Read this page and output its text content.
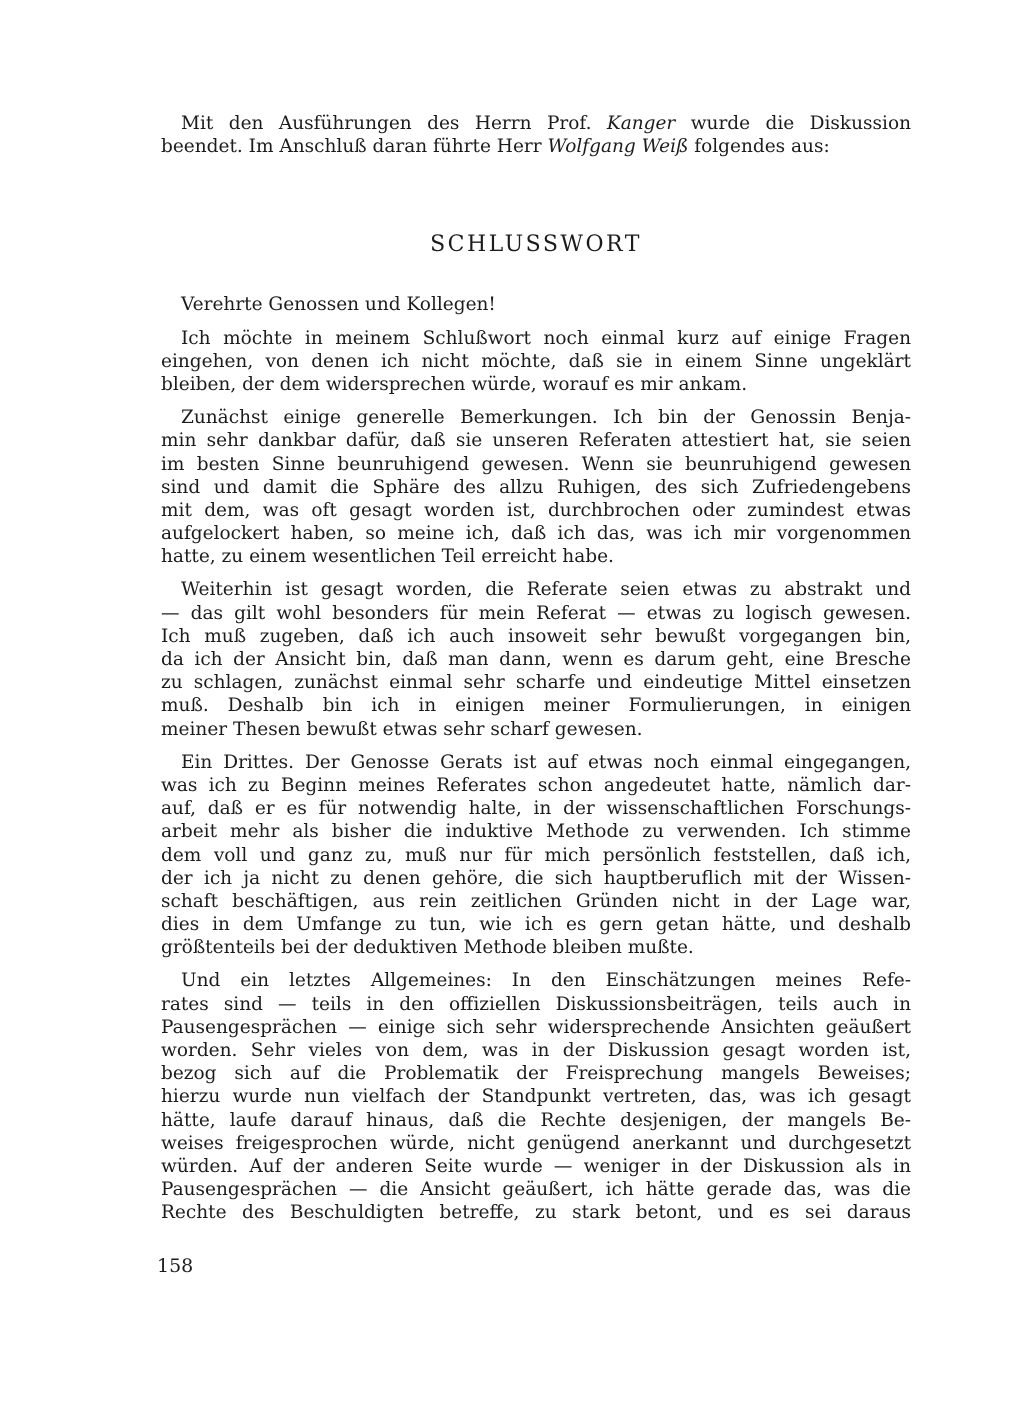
Mit den Ausführungen des Herrn Prof. Kanger wurde die Diskussion
beendet. Im Anschluß daran führte Herr Wolfgang Weiß folgendes aus:
SCHLUSSWORT
Verehrte Genossen und Kollegen!
Ich möchte in meinem Schlußwort noch einmal kurz auf einige Fragen
eingehen, von denen ich nicht möchte, daß sie in einem Sinne ungeklärt
bleiben, der dem widersprechen würde, worauf es mir ankam.
Zunächst einige generelle Bemerkungen. Ich bin der Genossin Benja-
min sehr dankbar dafür, daß sie unseren Referaten attestiert hat, sie seien
im besten Sinne beunruhigend gewesen. Wenn sie beunruhigend gewesen
sind und damit die Sphäre des allzu Ruhigen, des sich Zufriedengebens
mit dem, was oft gesagt worden ist, durchbrochen oder zumindest etwas
aufgelockert haben, so meine ich, daß ich das, was ich mir vorgenommen
hatte, zu einem wesentlichen Teil erreicht habe.
Weiterhin ist gesagt worden, die Referate seien etwas zu abstrakt und
— das gilt wohl besonders für mein Referat — etwas zu logisch gewesen.
Ich muß zugeben, daß ich auch insoweit sehr bewußt vorgegangen bin,
da ich der Ansicht bin, daß man dann, wenn es darum geht, eine Bresche
zu schlagen, zunächst einmal sehr scharfe und eindeutige Mittel einsetzen
muß. Deshalb bin ich in einigen meiner Formulierungen, in einigen
meiner Thesen bewußt etwas sehr scharf gewesen.
Ein Drittes. Der Genosse Gerats ist auf etwas noch einmal eingegangen,
was ich zu Beginn meines Referates schon angedeutet hatte, nämlich dar-
auf, daß er es für notwendig halte, in der wissenschaftlichen Forschungs-
arbeit mehr als bisher die induktive Methode zu verwenden. Ich stimme
dem voll und ganz zu, muß nur für mich persönlich feststellen, daß ich,
der ich ja nicht zu denen gehöre, die sich hauptberuflich mit der Wissen-
schaft beschäftigen, aus rein zeitlichen Gründen nicht in der Lage war,
dies in dem Umfange zu tun, wie ich es gern getan hätte, und deshalb
größtenteils bei der deduktiven Methode bleiben mußte.
Und ein letztes Allgemeines: In den Einschätzungen meines Refe-
rates sind — teils in den offiziellen Diskussionsbeiträgen, teils auch in
Pausengesprächen — einige sich sehr widersprechende Ansichten geäußert
worden. Sehr vieles von dem, was in der Diskussion gesagt worden ist,
bezog sich auf die Problematik der Freisprechung mangels Beweises;
hierzu wurde nun vielfach der Standpunkt vertreten, das, was ich gesagt
hätte, laufe darauf hinaus, daß die Rechte desjenigen, der mangels Be-
weises freigesprochen würde, nicht genügend anerkannt und durchgesetzt
würden. Auf der anderen Seite wurde — weniger in der Diskussion als in
Pausengesprächen — die Ansicht geäußert, ich hätte gerade das, was die
Rechte des Beschuldigten betreffe, zu stark betont, und es sei daraus
158
